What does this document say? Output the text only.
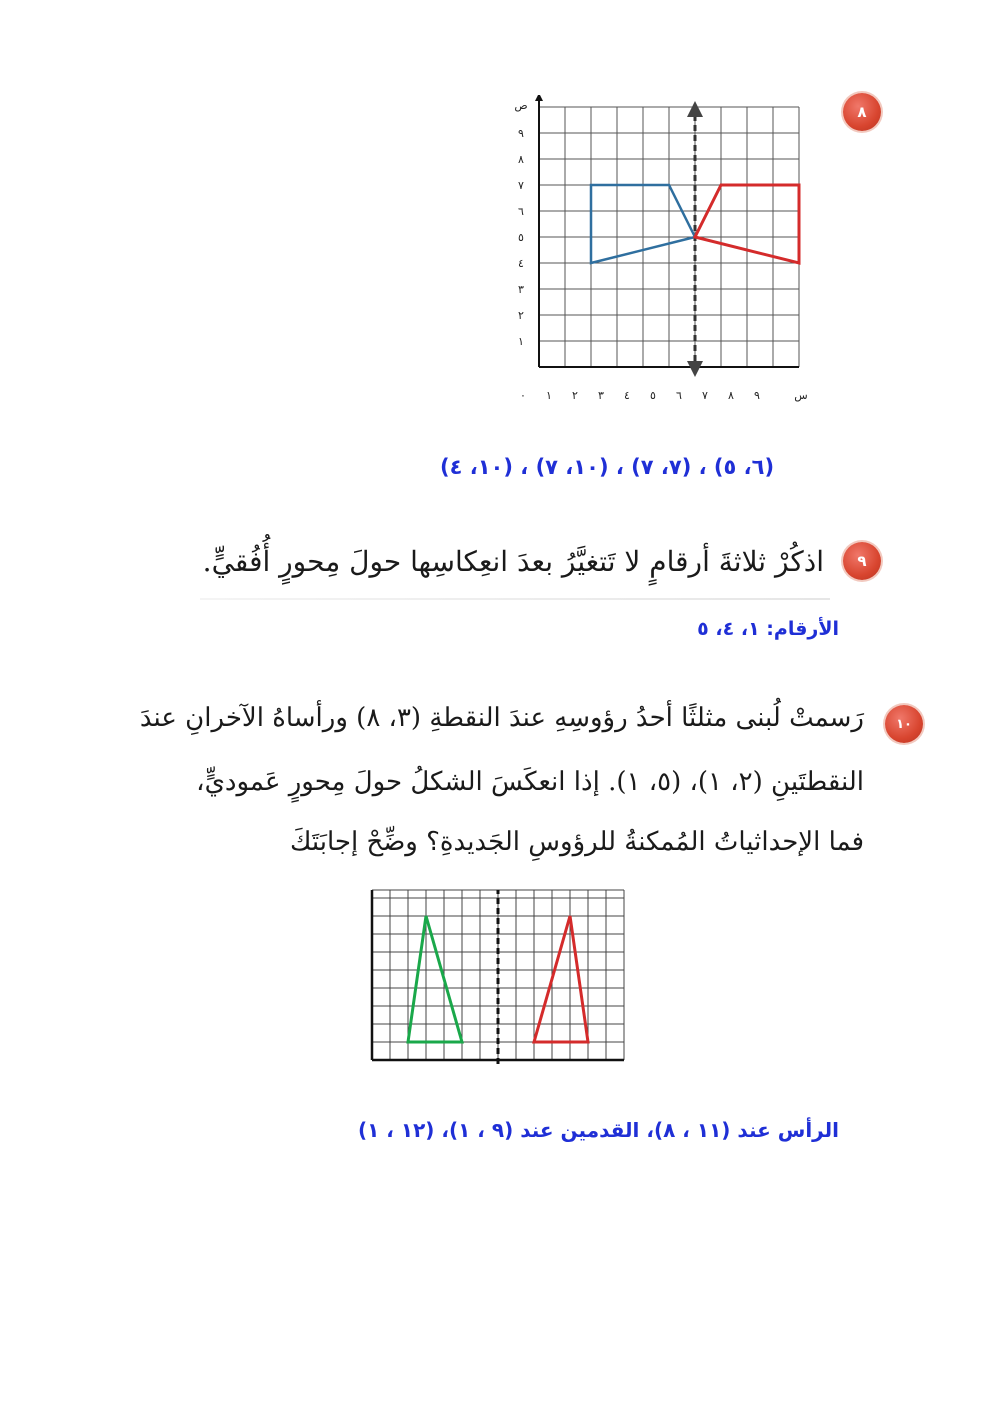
٨
٠ ١ ٢ ٣ ٤ ٥ ٦ ٧ ٨ ٩	س
١
٢
٣
٤
٥
٦
٧
٨
٩
ص
(٦، ٥) ، (٧، ٧) ، (١٠، ٧) ، (١٠، ٤)
٩
اذكُرْ ثلاثةَ أرقامٍ لا تَتغيَّرُ بعدَ انعِكاسِها حولَ مِحورٍ أُفُقيٍّ.
الأرقام: ١، ٤، ٥
١٠
رَسمتْ لُبنى مثلثًا أحدُ رؤوسِهِ عندَ النقطةِ (٣، ٨) ورأساهُ الآخرانِ عندَ
النقطتَينِ (٢، ١)، (٥، ١). إذا انعكَسَ الشكلُ حولَ مِحورٍ عَموديٍّ،
فما الإحداثياتُ المُمكنةُ للرؤوسِ الجَديدةِ؟ وضِّحْ إجابَتَكَ
الرأس عند (١١ ، ٨)، القدمين عند (٩ ، ١)، (١٢ ، ١)
